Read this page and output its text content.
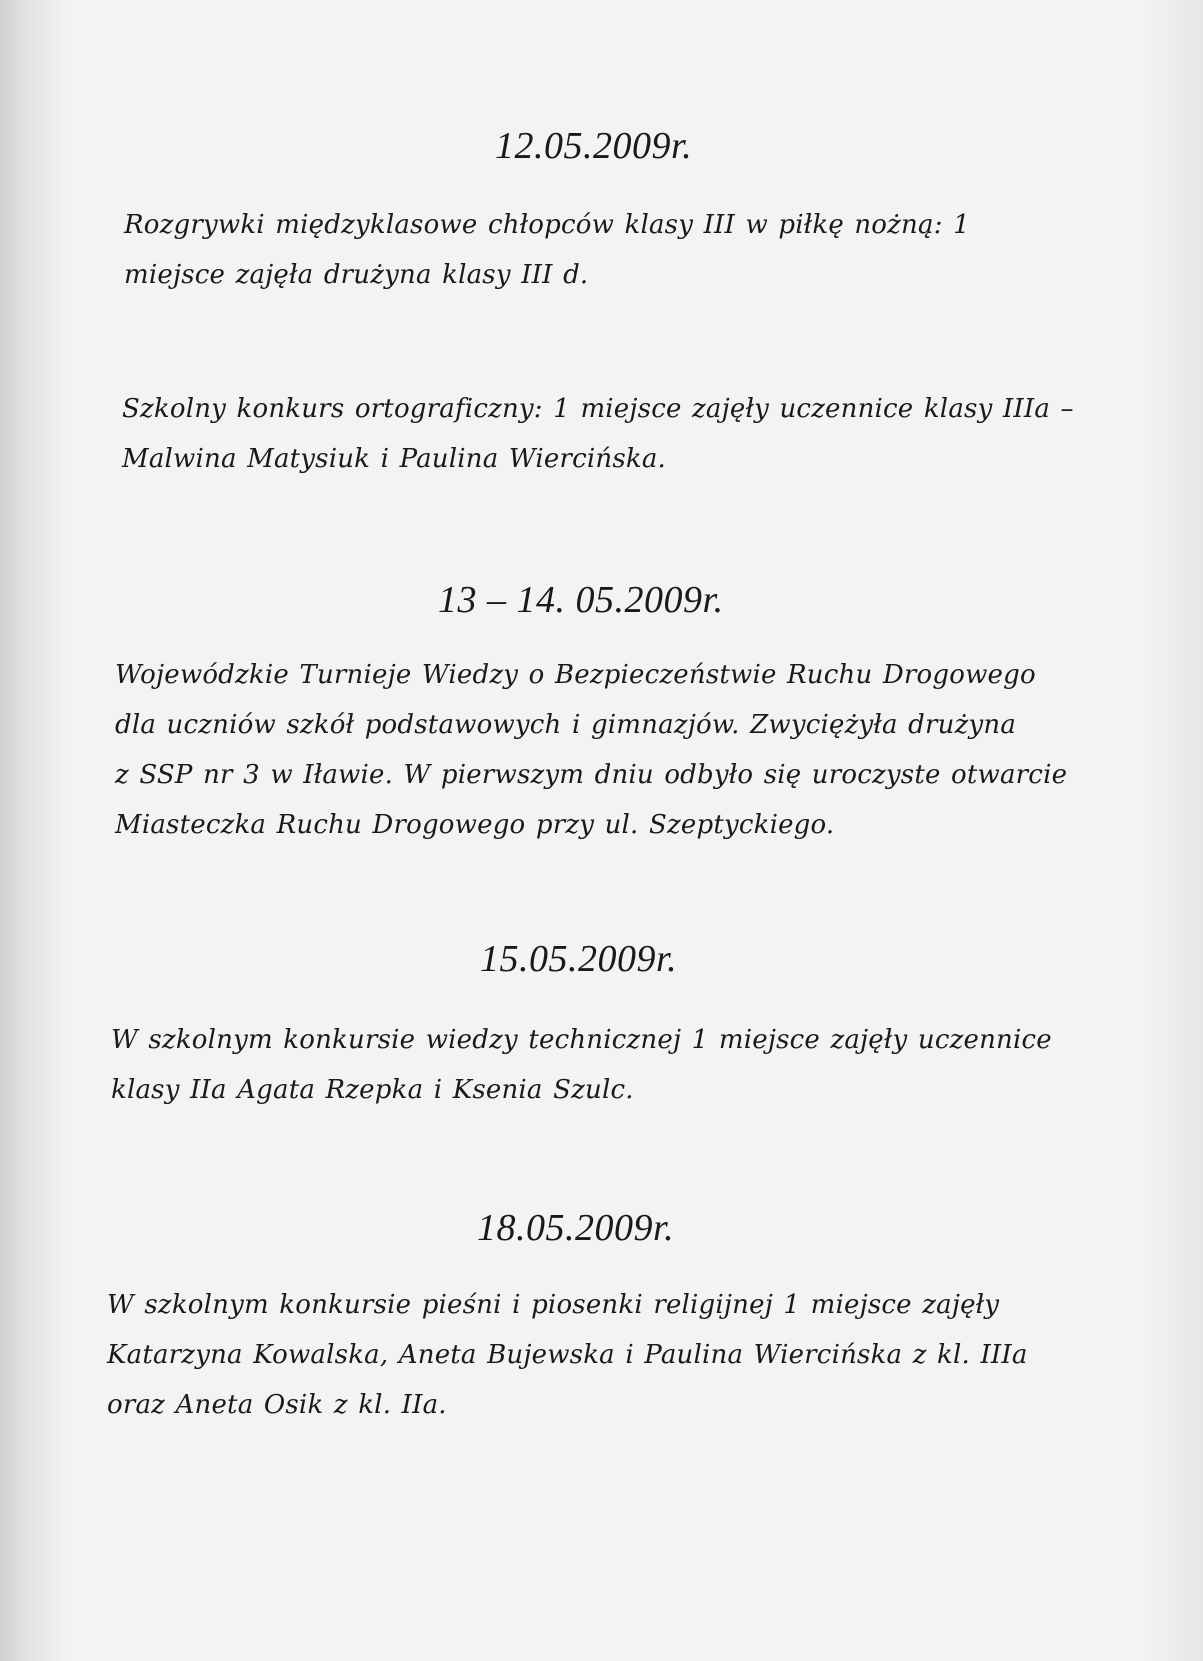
12.05.2009r.
Rozgrywki międzyklasowe chłopców klasy III w piłkę nożną: 1
miejsce zajęła drużyna klasy III d.
Szkolny konkurs ortograficzny: 1 miejsce zajęły uczennice klasy IIIa –
Malwina Matysiuk i Paulina Wiercińska.
13 – 14. 05.2009r.
Wojewódzkie Turnieje Wiedzy o Bezpieczeństwie Ruchu Drogowego
dla uczniów szkół podstawowych i gimnazjów. Zwyciężyła drużyna
z SSP nr 3 w Iławie. W pierwszym dniu odbyło się uroczyste otwarcie
Miasteczka Ruchu Drogowego przy ul. Szeptyckiego.
15.05.2009r.
W szkolnym konkursie wiedzy technicznej 1 miejsce zajęły uczennice
klasy IIa Agata Rzepka i Ksenia Szulc.
18.05.2009r.
W szkolnym konkursie pieśni i piosenki religijnej 1 miejsce zajęły
Katarzyna Kowalska, Aneta Bujewska i Paulina Wiercińska z kl. IIIa
oraz Aneta Osik z kl. IIa.
